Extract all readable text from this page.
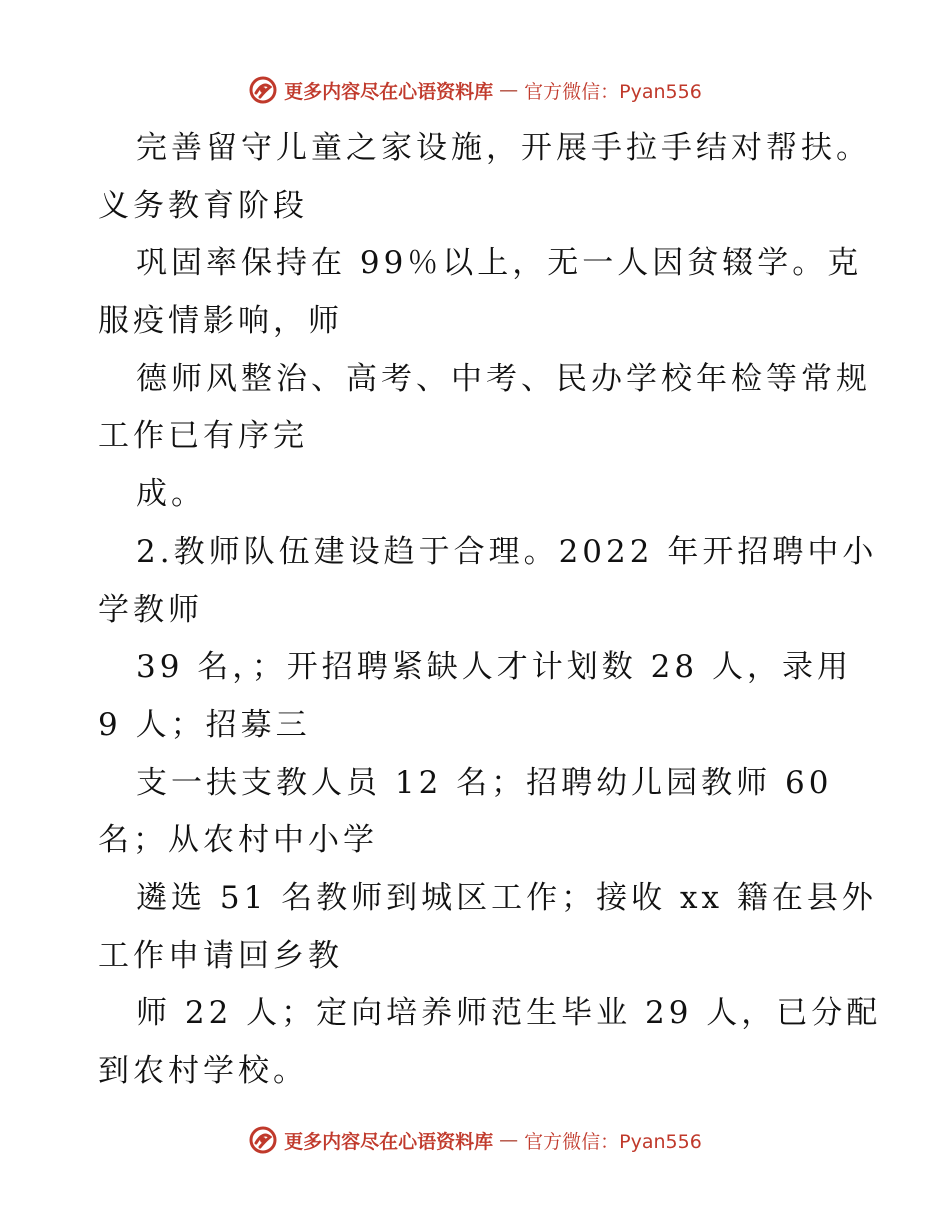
更多内容尽在心语资料库 — 官方微信：Pyan556
完善留守儿童之家设施，开展手拉手结对帮扶。
义务教育阶段
巩固率保持在 99％以上，无一人因贫辍学。克
服疫情影响，师
德师风整治、高考、中考、民办学校年检等常规
工作已有序完
成。
2.教师队伍建设趋于合理。2022 年开招聘中小
学教师
39 名，；开招聘紧缺人才计划数 28 人，录用
9 人；招募三
支一扶支教人员 12 名；招聘幼儿园教师 60
名；从农村中小学
遴选 51 名教师到城区工作；接收 xx 籍在县外
工作申请回乡教
师 22 人；定向培养师范生毕业 29 人，已分配
到农村学校。
更多内容尽在心语资料库 — 官方微信：Pyan556
